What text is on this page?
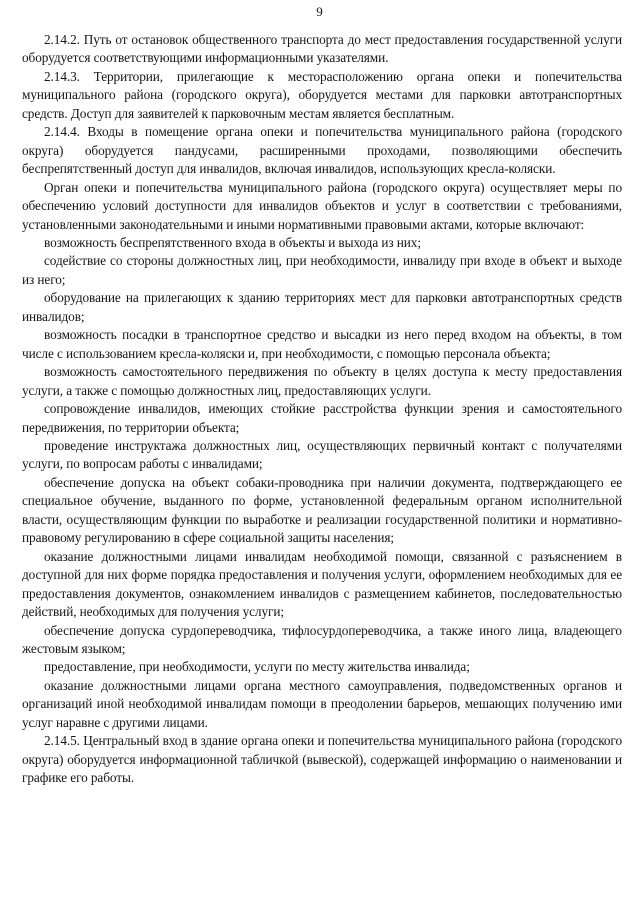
9

2.14.2. Путь от остановок общественного транспорта до мест предоставления государственной услуги оборудуется соответствующими информационными указателями.

2.14.3. Территории, прилегающие к месторасположению органа опеки и попечительства муниципального района (городского округа), оборудуется местами для парковки автотранспортных средств. Доступ для заявителей к парковочным местам является бесплатным.

2.14.4. Входы в помещение органа опеки и попечительства муниципального района (городского округа) оборудуется пандусами, расширенными проходами, позволяющими обеспечить беспрепятственный доступ для инвалидов, включая инвалидов, использующих кресла-коляски.

Орган опеки и попечительства муниципального района (городского округа) осуществляет меры по обеспечению условий доступности для инвалидов объектов и услуг в соответствии с требованиями, установленными законодательными и иными нормативными правовыми актами, которые включают:

возможность беспрепятственного входа в объекты и выхода из них;

содействие со стороны должностных лиц, при необходимости, инвалиду при входе в объект и выходе из него;

оборудование на прилегающих к зданию территориях мест для парковки автотранспортных средств инвалидов;

возможность посадки в транспортное средство и высадки из него перед входом на объекты, в том числе с использованием кресла-коляски и, при необходимости, с помощью персонала объекта;

возможность самостоятельного передвижения по объекту в целях доступа к месту предоставления услуги, а также с помощью должностных лиц, предоставляющих услуги.

сопровождение инвалидов, имеющих стойкие расстройства функции зрения и самостоятельного передвижения, по территории объекта;

проведение инструктажа должностных лиц, осуществляющих первичный контакт с получателями услуги, по вопросам работы с инвалидами;

обеспечение допуска на объект собаки-проводника при наличии документа, подтверждающего ее специальное обучение, выданного по форме, установленной федеральным органом исполнительной власти, осуществляющим функции по выработке и реализации государственной политики и нормативно-правовому регулированию в сфере социальной защиты населения;

оказание должностными лицами инвалидам необходимой помощи, связанной с разъяснением в доступной для них форме порядка предоставления и получения услуги, оформлением необходимых для ее предоставления документов, ознакомлением инвалидов с размещением кабинетов, последовательностью действий, необходимых для получения услуги;

обеспечение допуска сурдопереводчика, тифлосурдопереводчика, а также иного лица, владеющего жестовым языком;

предоставление, при необходимости, услуги по месту жительства инвалида;

оказание должностными лицами органа местного самоуправления, подведомственных органов и организаций иной необходимой инвалидам помощи в преодолении барьеров, мешающих получению ими услуг наравне с другими лицами.

2.14.5. Центральный вход в здание органа опеки и попечительства муниципального района (городского округа) оборудуется информационной табличкой (вывеской), содержащей информацию о наименовании и графике его работы.
